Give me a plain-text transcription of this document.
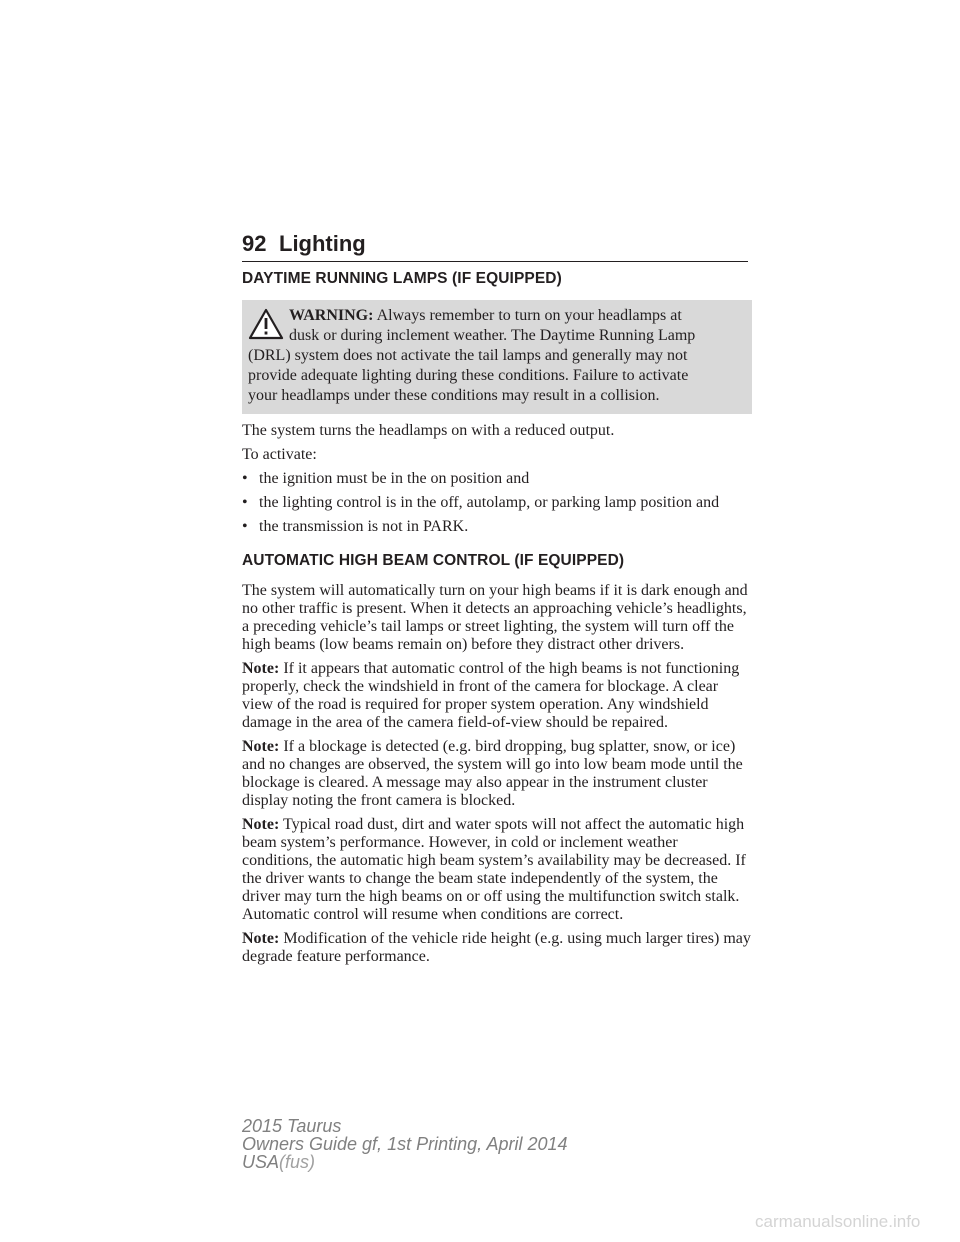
92 Lighting
DAYTIME RUNNING LAMPS (IF EQUIPPED)
WARNING: Always remember to turn on your headlamps at
dusk or during inclement weather. The Daytime Running Lamp
(DRL) system does not activate the tail lamps and generally may not
provide adequate lighting during these conditions. Failure to activate
your headlamps under these conditions may result in a collision.

The system turns the headlamps on with a reduced output.

To activate:

• the ignition must be in the on position and
• the lighting control is in the off, autolamp, or parking lamp position and
• the transmission is not in PARK.
AUTOMATIC HIGH BEAM CONTROL (IF EQUIPPED)

The system will automatically turn on your high beams if it is dark enough and no other traffic is present. When it detects an approaching vehicle’s headlights, a preceding vehicle’s tail lamps or street lighting, the system will turn off the high beams (low beams remain on) before they distract other drivers.

Note: If it appears that automatic control of the high beams is not functioning properly, check the windshield in front of the camera for blockage. A clear view of the road is required for proper system operation. Any windshield damage in the area of the camera field-of-view should be repaired.

Note: If a blockage is detected (e.g. bird dropping, bug splatter, snow, or ice) and no changes are observed, the system will go into low beam mode until the blockage is cleared. A message may also appear in the instrument cluster display noting the front camera is blocked.

Note: Typical road dust, dirt and water spots will not affect the automatic high beam system’s performance. However, in cold or inclement weather conditions, the automatic high beam system’s availability may be decreased. If the driver wants to change the beam state independently of the system, the driver may turn the high beams on or off using the multifunction switch stalk. Automatic control will resume when conditions are correct.

Note: Modification of the vehicle ride height (e.g. using much larger tires) may degrade feature performance.

2015 Taurus
Owners Guide gf, 1st Printing, April 2014
USA(fus)
carmanualsonline.info
